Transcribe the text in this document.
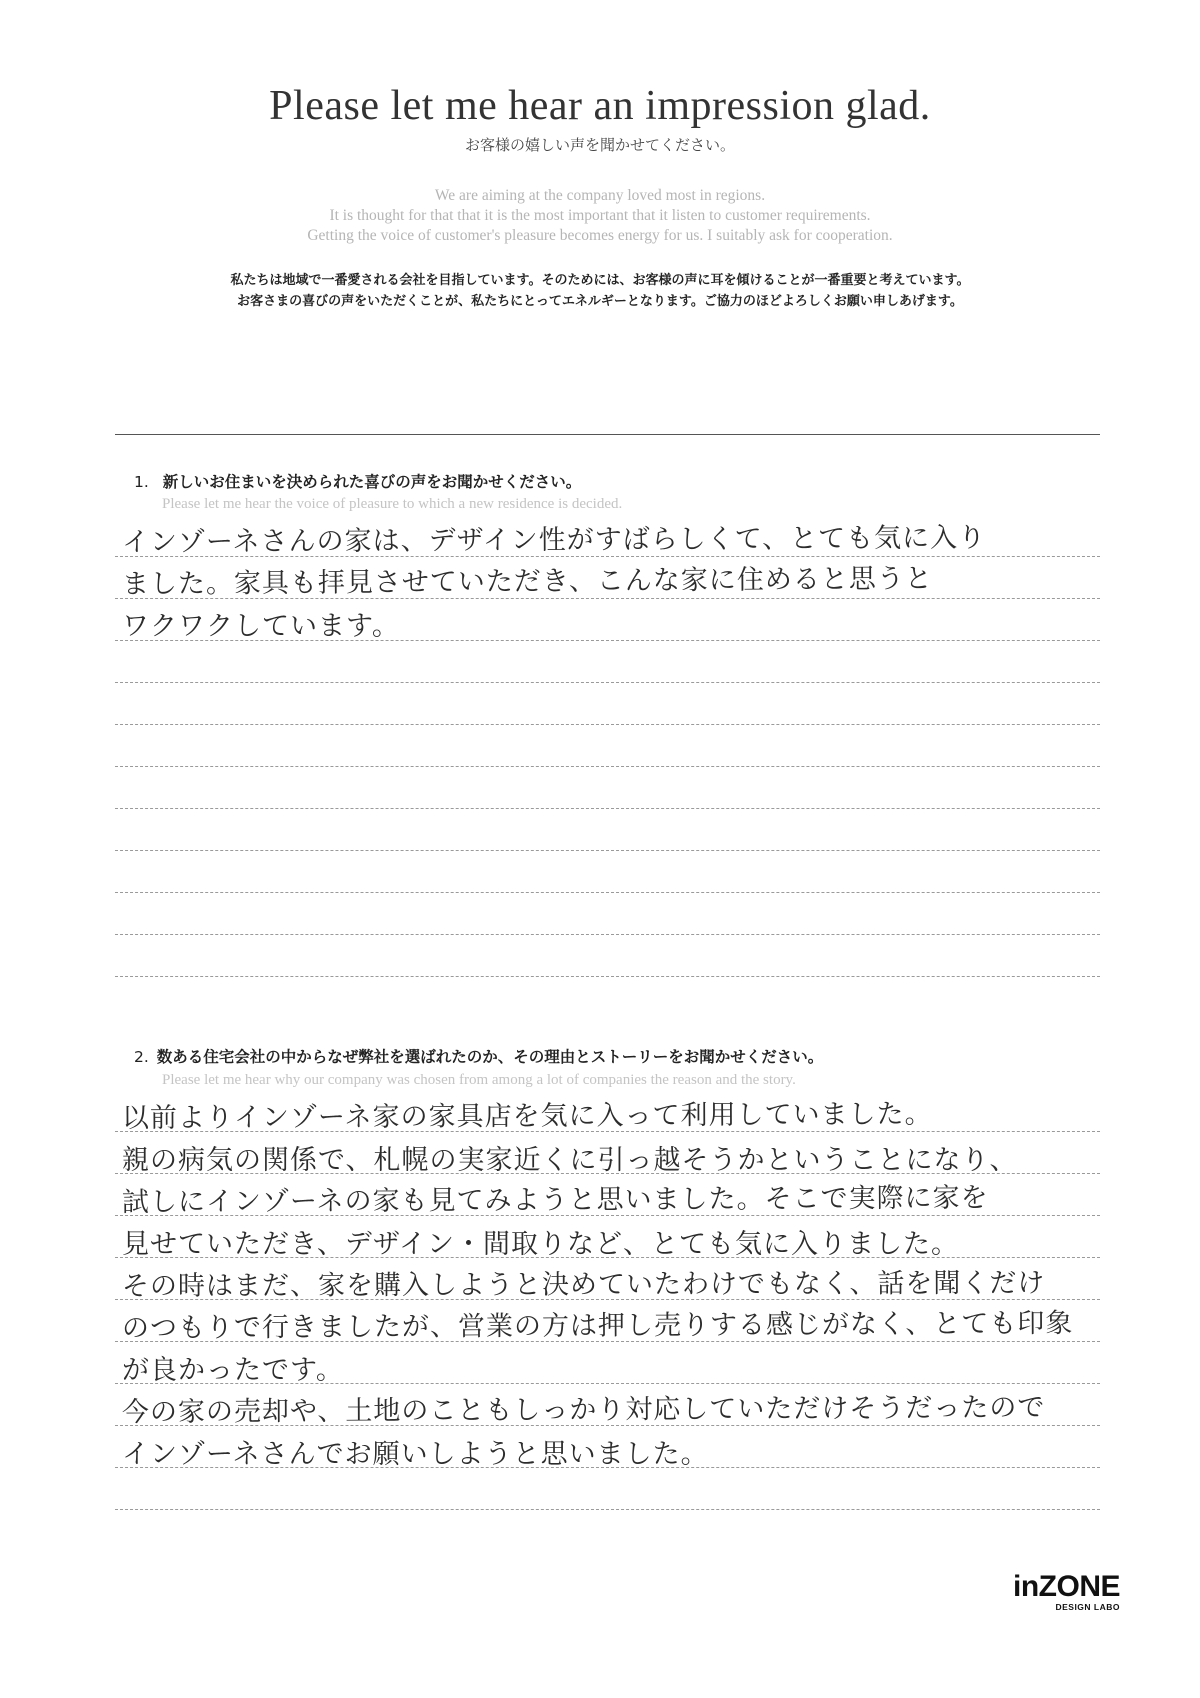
Please let me hear an impression glad.
お客様の嬉しい声を聞かせてください。
We are aiming at the company loved most in regions.
It is thought for that that it is the most important that it listen to customer requirements.
Getting the voice of customer's pleasure becomes energy for us. I suitably ask for cooperation.
私たちは地域で一番愛される会社を目指しています。そのためには、お客様の声に耳を傾けることが一番重要と考えています。
お客さまの喜びの声をいただくことが、私たちにとってエネルギーとなります。ご協力のほどよろしくお願い申しあげます。
1. 新しいお住まいを決められた喜びの声をお聞かせください。
Please let me hear the voice of pleasure to which a new residence is decided.
インゾーネさんの家は、デザイン性がすばらしくて、とても気に入り
ました。家具も拝見させていただき、こんな家に住めると思うと
ワクワクしています。
2. 数ある住宅会社の中からなぜ弊社を選ばれたのか、その理由とストーリーをお聞かせください。
Please let me hear why our company was chosen from among a lot of companies the reason and the story.
以前よりインゾーネ家の家具店を気に入って利用していました。
親の病気の関係で、札幌の実家近くに引っ越そうかということになり、
試しにインゾーネの家も見てみようと思いました。そこで実際に家を
見せていただき、デザイン・間取りなど、とても気に入りました。
その時はまだ、家を購入しようと決めていたわけでもなく、話を聞くだけ
のつもりで行きましたが、営業の方は押し売りする感じがなく、とても印象
が良かったです。
今の家の売却や、土地のこともしっかり対応していただけそうだったので
インゾーネさんでお願いしようと思いました。
inZONE
DESIGN LABO
